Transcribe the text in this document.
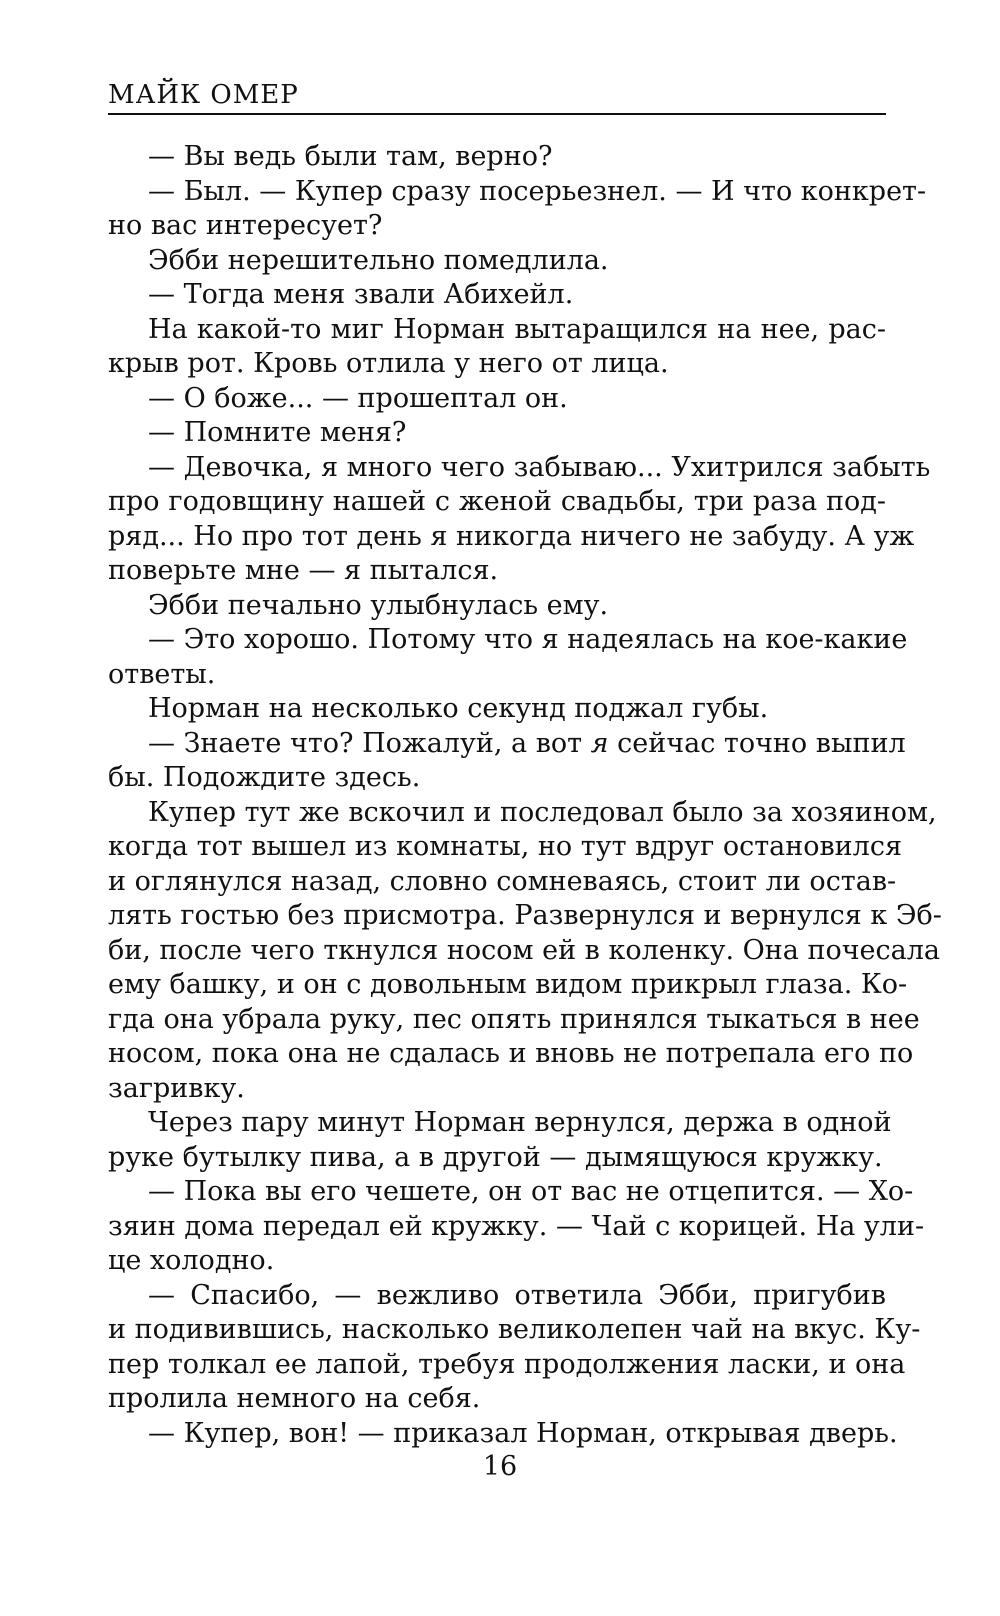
МАЙК ОМЕР
— Вы ведь были там, верно?
— Был. — Купер сразу посерьезнел. — И что конкрет-
но вас интересует?
Эбби нерешительно помедлила.
— Тогда меня звали Абихейл.
На какой-то миг Норман вытаращился на нее, рас-
крыв рот. Кровь отлила у него от лица.
— О боже... — прошептал он.
— Помните меня?
— Девочка, я много чего забываю... Ухитрился забыть
про годовщину нашей с женой свадьбы, три раза под-
ряд... Но про тот день я никогда ничего не забуду. А уж
поверьте мне — я пытался.
Эбби печально улыбнулась ему.
— Это хорошо. Потому что я надеялась на кое-какие
ответы.
Норман на несколько секунд поджал губы.
— Знаете что? Пожалуй, а вот я сейчас точно выпил
бы. Подождите здесь.
Купер тут же вскочил и последовал было за хозяином,
когда тот вышел из комнаты, но тут вдруг остановился
и оглянулся назад, словно сомневаясь, стоит ли остав-
лять гостью без присмотра. Развернулся и вернулся к Эб-
би, после чего ткнулся носом ей в коленку. Она почесала
ему башку, и он с довольным видом прикрыл глаза. Ко-
гда она убрала руку, пес опять принялся тыкаться в нее
носом, пока она не сдалась и вновь не потрепала его по
загривку.
Через пару минут Норман вернулся, держа в одной
руке бутылку пива, а в другой — дымящуюся кружку.
— Пока вы его чешете, он от вас не отцепится. — Хо-
зяин дома передал ей кружку. — Чай с корицей. На ули-
це холодно.
— Спасибо, — вежливо ответила Эбби, пригубив
и подивившись, насколько великолепен чай на вкус. Ку-
пер толкал ее лапой, требуя продолжения ласки, и она
пролила немного на себя.
— Купер, вон! — приказал Норман, открывая дверь.
16
